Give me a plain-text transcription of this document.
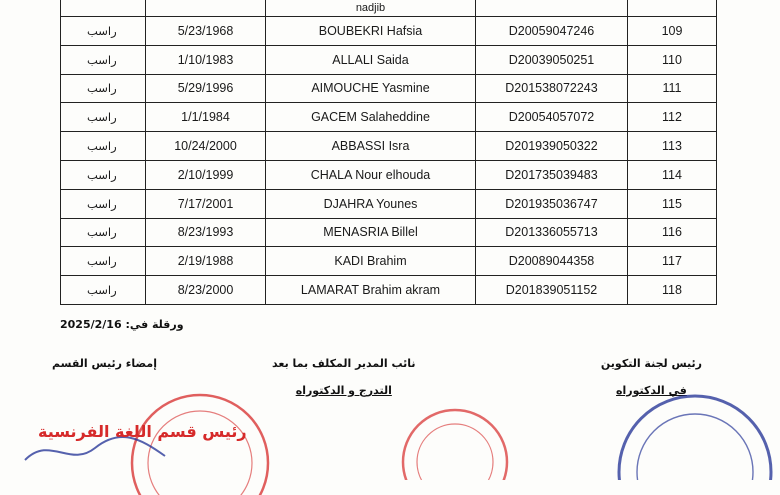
		nadjib		
راسب	5/23/1968	BOUBEKRI Hafsia	D20059047246	109
راسب	1/10/1983	ALLALI Saida	D20039050251	110
راسب	5/29/1996	AIMOUCHE Yasmine	D201538072243	111
راسب	1/1/1984	GACEM Salaheddine	D20054057072	112
راسب	10/24/2000	ABBASSI Isra	D201939050322	113
راسب	2/10/1999	CHALA Nour elhouda	D201735039483	114
راسب	7/17/2001	DJAHRA Younes	D201935036747	115
راسب	8/23/1993	MENASRIA Billel	D201336055713	116
راسب	2/19/1988	KADI Brahim	D20089044358	117
راسب	8/23/2000	LAMARAT Brahim akram	D201839051152	118
ورقلة في: 2025/2/16
رئيس لجنة التكوين
في الدكتوراه
نائب المدير المكلف بما بعد
التدرج و الدكتوراه
إمضاء رئيس القسم
رئيس قسم اللغة الفرنسية
